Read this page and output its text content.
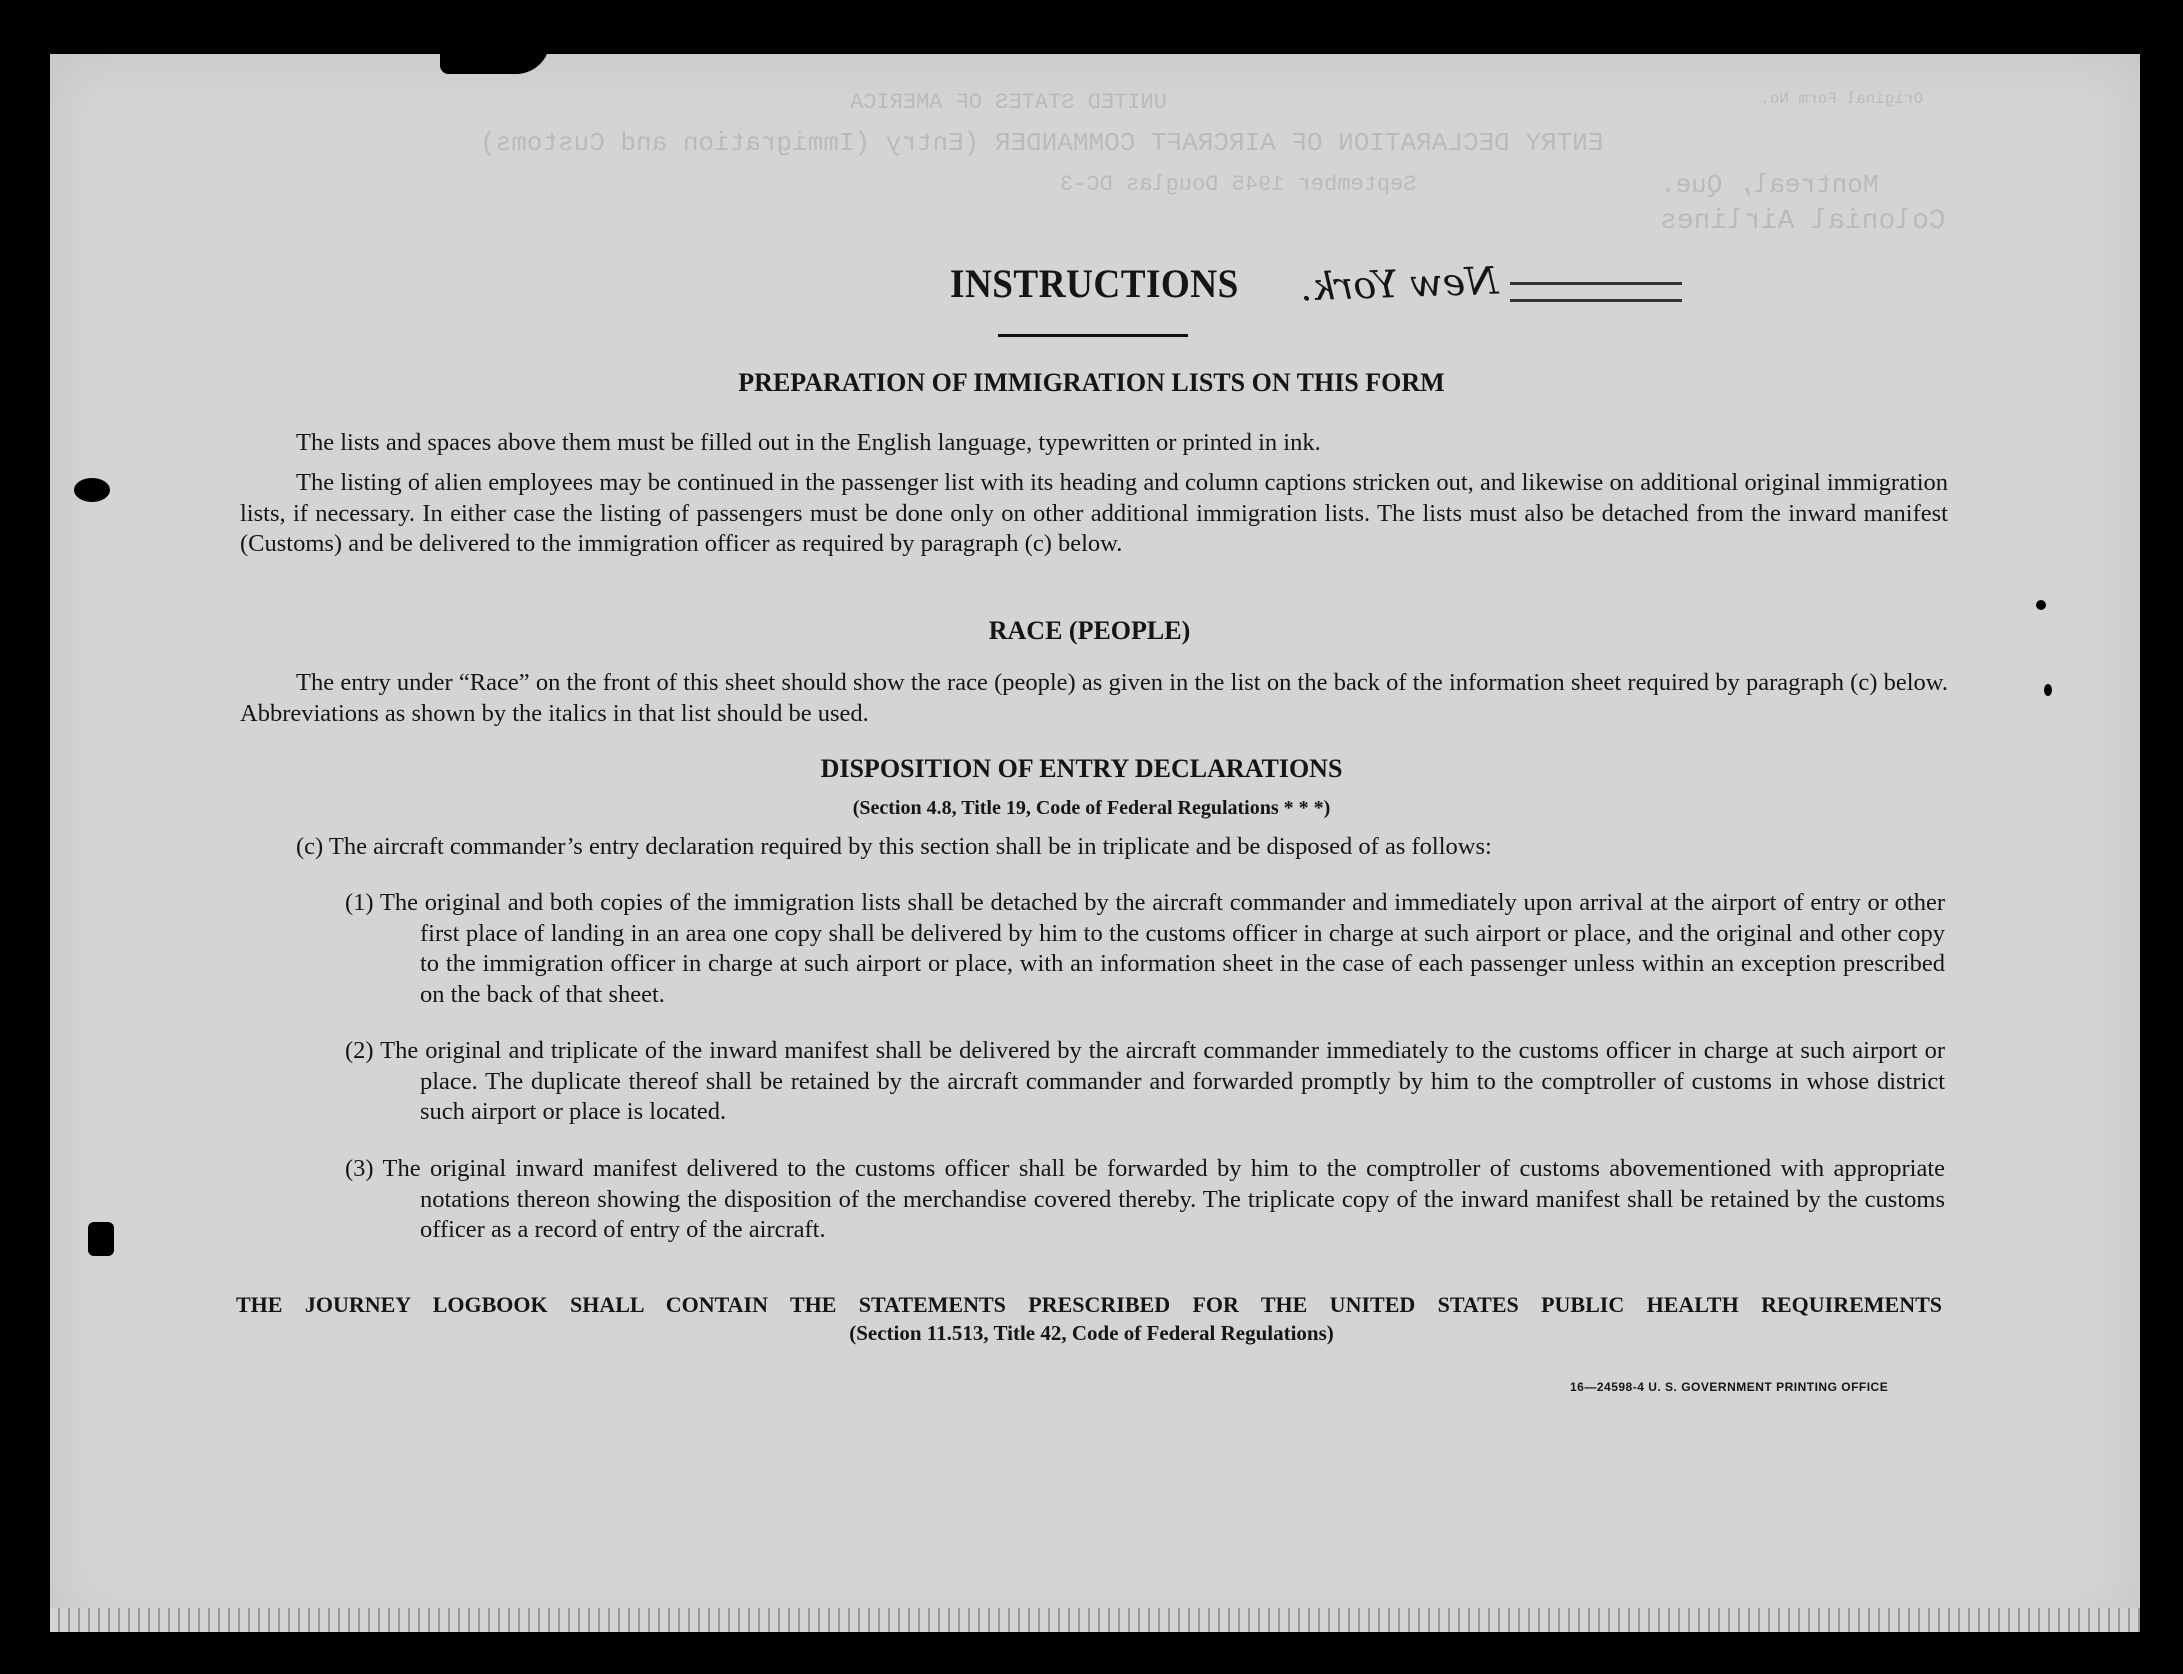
UNITED STATES OF AMERICA
ENTRY DECLARATION OF AIRCRAFT COMMANDER (Entry (Immigration and Customs)
September 1945 Douglas DC-3
Colonial Airlines
Montreal, Que.
Original Form No.
INSTRUCTIONS New York.
PREPARATION OF IMMIGRATION LISTS ON THIS FORM
The lists and spaces above them must be filled out in the English language, typewritten or printed in ink.
The listing of alien employees may be continued in the passenger list with its heading and column captions stricken out, and likewise on additional original immigration lists, if necessary. In either case the listing of passengers must be done only on other additional immigration lists. The lists must also be detached from the inward manifest (Customs) and be delivered to the immigration officer as required by paragraph (c) below.
RACE (PEOPLE)
The entry under “Race” on the front of this sheet should show the race (people) as given in the list on the back of the information sheet required by paragraph (c) below. Abbreviations as shown by the italics in that list should be used.
DISPOSITION OF ENTRY DECLARATIONS
(Section 4.8, Title 19, Code of Federal Regulations * * *)
(c) The aircraft commander’s entry declaration required by this section shall be in triplicate and be disposed of as follows:
(1) The original and both copies of the immigration lists shall be detached by the aircraft commander and immediately upon arrival at the airport of entry or other first place of landing in an area one copy shall be delivered by him to the customs officer in charge at such airport or place, and the original and other copy to the immigration officer in charge at such airport or place, with an information sheet in the case of each passenger unless within an exception prescribed on the back of that sheet.
(2) The original and triplicate of the inward manifest shall be delivered by the aircraft commander immediately to the customs officer in charge at such airport or place. The duplicate thereof shall be retained by the aircraft commander and forwarded promptly by him to the comptroller of customs in whose district such airport or place is located.
(3) The original inward manifest delivered to the customs officer shall be forwarded by him to the comptroller of customs abovementioned with appropriate notations thereon showing the disposition of the merchandise covered thereby. The triplicate copy of the inward manifest shall be retained by the customs officer as a record of entry of the aircraft.
THE JOURNEY LOGBOOK SHALL CONTAIN THE STATEMENTS PRESCRIBED FOR THE UNITED STATES PUBLIC HEALTH REQUIREMENTS
(Section 11.513, Title 42, Code of Federal Regulations)
16—24598-4 U. S. GOVERNMENT PRINTING OFFICE
